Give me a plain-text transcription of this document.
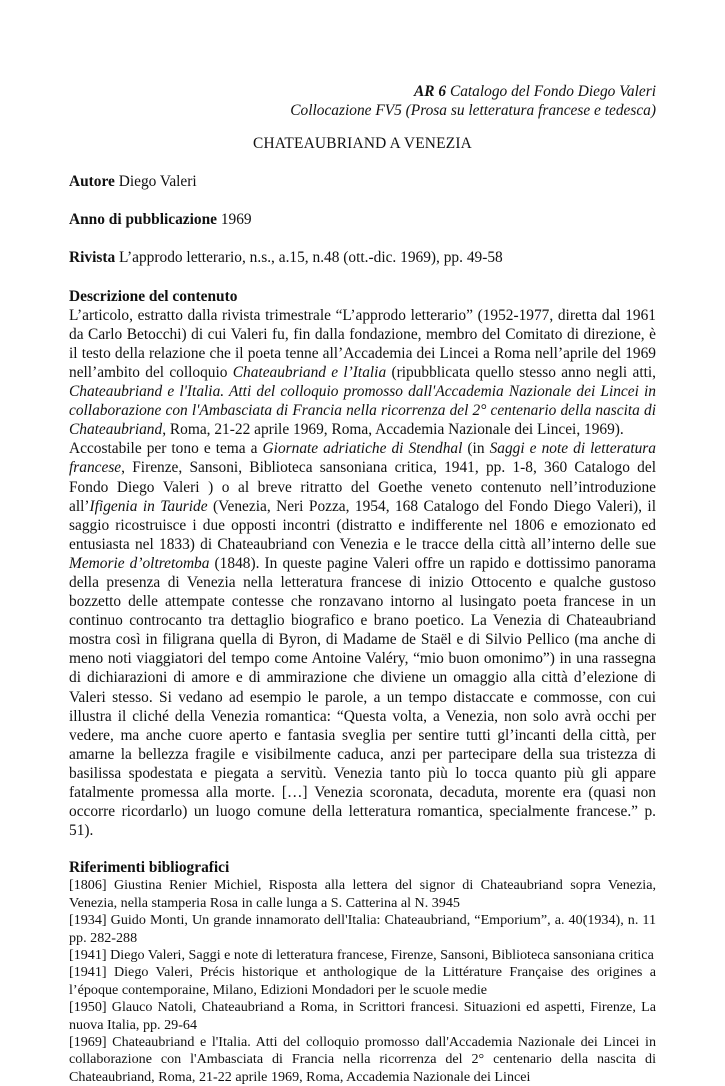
AR 6 Catalogo del Fondo Diego Valeri
Collocazione FV5 (Prosa su letteratura francese e tedesca)
CHATEAUBRIAND A VENEZIA
Autore Diego Valeri
Anno di pubblicazione 1969
Rivista L’approdo letterario, n.s., a.15, n.48 (ott.-dic. 1969), pp. 49-58
Descrizione del contenuto

L’articolo, estratto dalla rivista trimestrale “L’approdo letterario” (1952-1977, diretta dal 1961 da Carlo Betocchi) di cui Valeri fu, fin dalla fondazione, membro del Comitato di direzione, è il testo della relazione che il poeta tenne all’Accademia dei Lincei a Roma nell’aprile del 1969 nell’ambito del colloquio Chateaubriand e l’Italia (ripubblicata quello stesso anno negli atti, Chateaubriand e l'Italia. Atti del colloquio promosso dall'Accademia Nazionale dei Lincei in collaborazione con l'Ambasciata di Francia nella ricorrenza del 2° centenario della nascita di Chateaubriand, Roma, 21-22 aprile 1969, Roma, Accademia Nazionale dei Lincei, 1969).

Accostabile per tono e tema a Giornate adriatiche di Stendhal (in Saggi e note di letteratura francese, Firenze, Sansoni, Biblioteca sansoniana critica, 1941, pp. 1-8, 360 Catalogo del Fondo Diego Valeri ) o al breve ritratto del Goethe veneto contenuto nell’introduzione all’Ifigenia in Tauride (Venezia, Neri Pozza, 1954, 168 Catalogo del Fondo Diego Valeri), il saggio ricostruisce i due opposti incontri (distratto e indifferente nel 1806 e emozionato ed entusiasta nel 1833) di Chateaubriand con Venezia e le tracce della città all’interno delle sue Memorie d’oltretomba (1848). In queste pagine Valeri offre un rapido e dottissimo panorama della presenza di Venezia nella letteratura francese di inizio Ottocento e qualche gustoso bozzetto delle attempate contesse che ronzavano intorno al lusingato poeta francese in un continuo controcanto tra dettaglio biografico e brano poetico. La Venezia di Chateaubriand mostra così in filigrana quella di Byron, di Madame de Staël e di Silvio Pellico (ma anche di meno noti viaggiatori del tempo come Antoine Valéry, “mio buon omonimo”) in una rassegna di dichiarazioni di amore e di ammirazione che diviene un omaggio alla città d’elezione di Valeri stesso. Si vedano ad esempio le parole, a un tempo distaccate e commosse, con cui illustra il cliché della Venezia romantica: “Questa volta, a Venezia, non solo avrà occhi per vedere, ma anche cuore aperto e fantasia sveglia per sentire tutti gl’incanti della città, per amarne la bellezza fragile e visibilmente caduca, anzi per partecipare della sua tristezza di basilissa spodestata e piegata a servitù. Venezia tanto più lo tocca quanto più gli appare fatalmente promessa alla morte. […] Venezia scoronata, decaduta, morente era (quasi non occorre ricordarlo) un luogo comune della letteratura romantica, specialmente francese.” p. 51).

Riferimenti bibliografici

[1806] Giustina Renier Michiel, Risposta alla lettera del signor di Chateaubriand sopra Venezia, Venezia, nella stamperia Rosa in calle lunga a S. Catterina al N. 3945

[1934] Guido Monti, Un grande innamorato dell'Italia: Chateaubriand, “Emporium”, a. 40(1934), n. 11 pp. 282-288

[1941] Diego Valeri, Saggi e note di letteratura francese, Firenze, Sansoni, Biblioteca sansoniana critica

[1941] Diego Valeri, Précis historique et anthologique de la Littérature Française des origines a l’époque contemporaine, Milano, Edizioni Mondadori per le scuole medie

[1950] Glauco Natoli, Chateaubriand a Roma, in Scrittori francesi. Situazioni ed aspetti, Firenze, La nuova Italia, pp. 29-64

[1969] Chateaubriand e l'Italia. Atti del colloquio promosso dall'Accademia Nazionale dei Lincei in collaborazione con l'Ambasciata di Francia nella ricorrenza del 2° centenario della nascita di Chateaubriand, Roma, 21-22 aprile 1969, Roma, Accademia Nazionale dei Lincei
